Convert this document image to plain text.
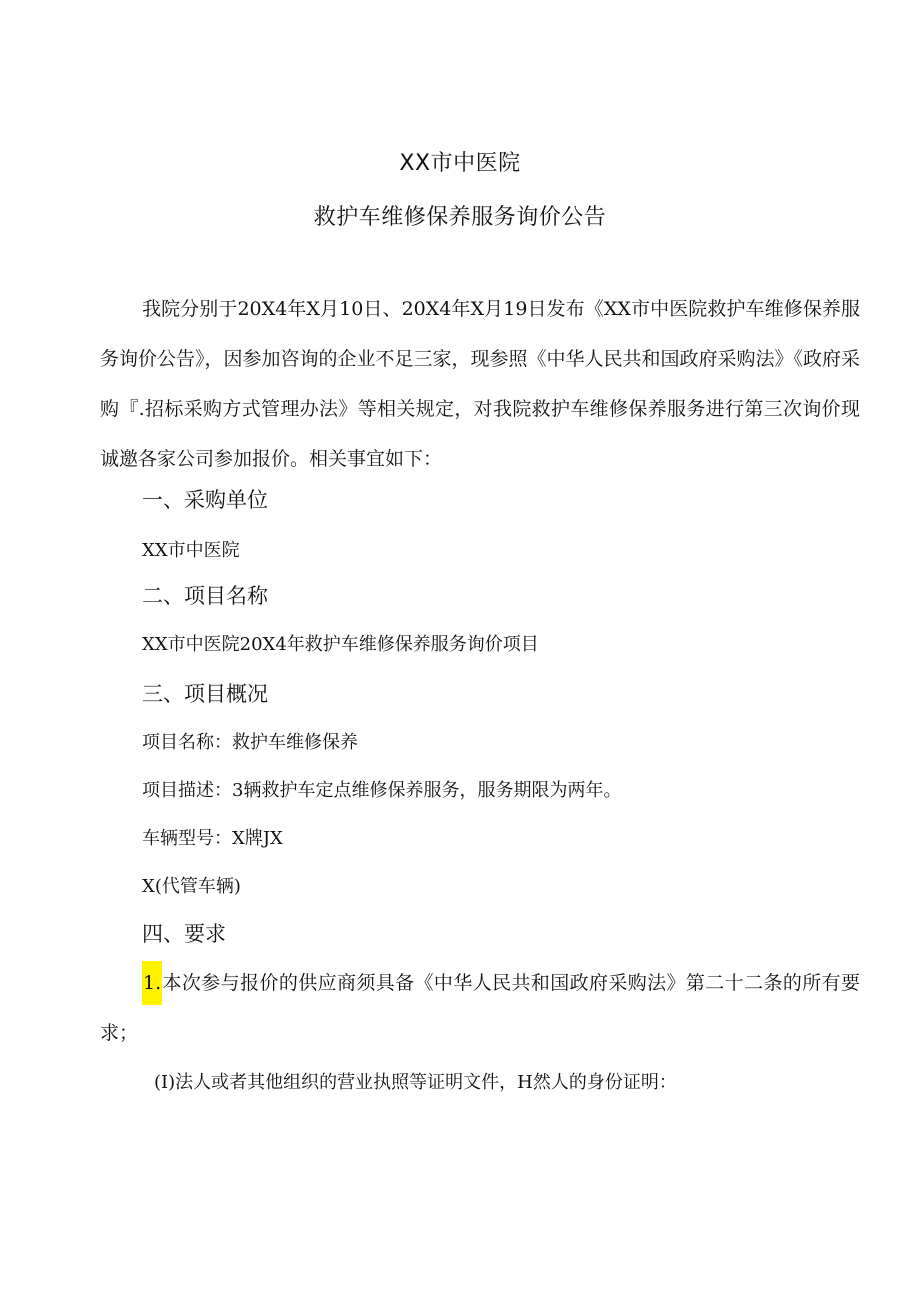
XX市中医院
救护车维修保养服务询价公告

我院分别于20X4年X月10日、20X4年X月19日发布《XX市中医院救护车维修保养服务询价公告》，因参加咨询的企业不足三家，现参照《中华人民共和国政府采购法》《政府采购『.招标采购方式管理办法》等相关规定，对我院救护车维修保养服务进行第三次询价现诚邀各家公司参加报价。相关事宜如下：

一、采购单位
XX市中医院
二、项目名称
XX市中医院20X4年救护车维修保养服务询价项目
三、项目概况
项目名称：救护车维修保养
项目描述：3辆救护车定点维修保养服务，服务期限为两年。
车辆型号：X牌JX
X(代管车辆)
四、要求

1.本次参与报价的供应商须具备《中华人民共和国政府采购法》第二十二条的所有要求；

(I)法人或者其他组织的营业执照等证明文件，H然人的身份证明：
